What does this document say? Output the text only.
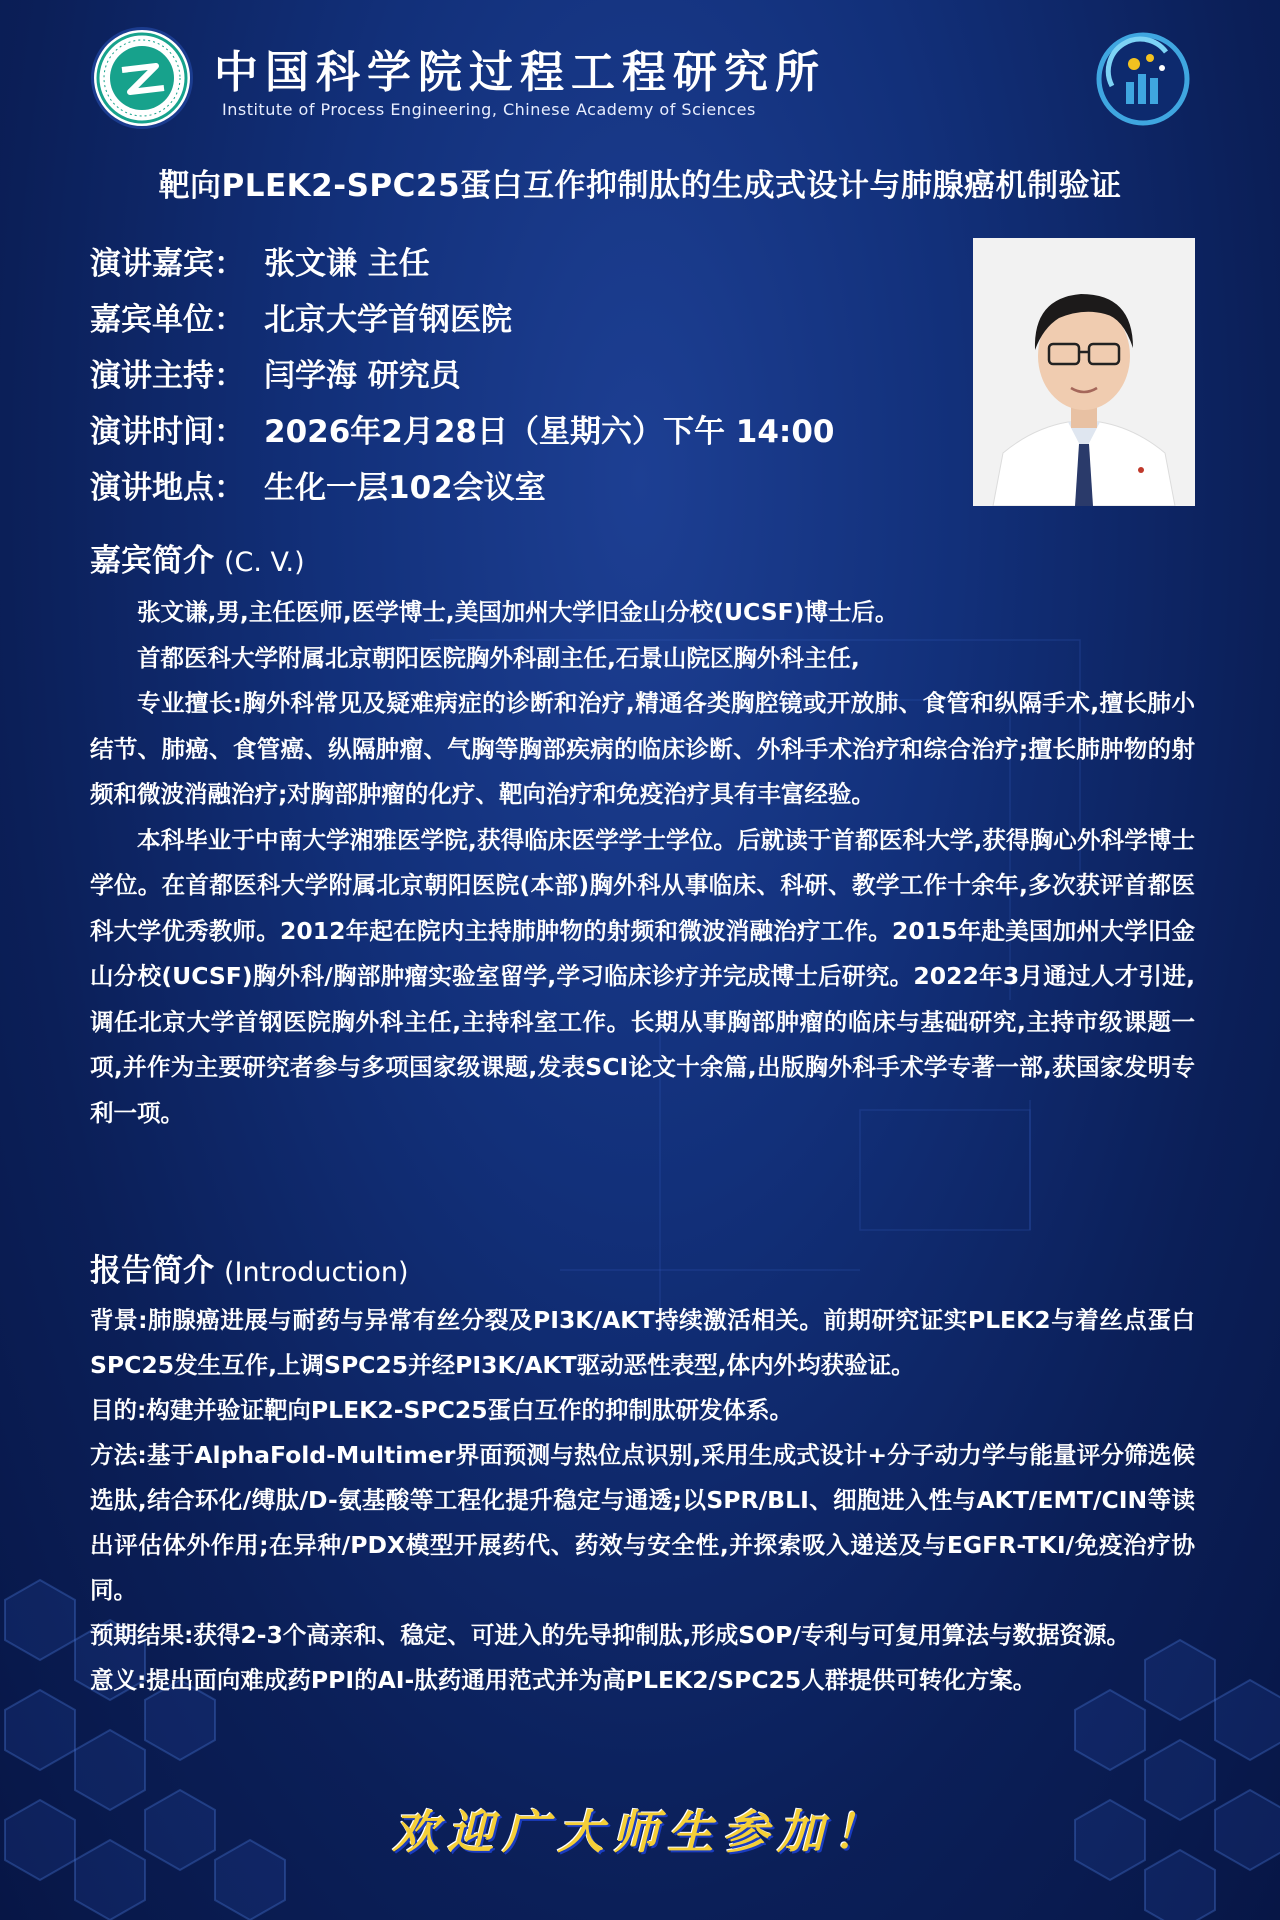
中国科学院过程工程研究所
Institute of Process Engineering, Chinese Academy of Sciences
靶向PLEK2-SPC25蛋白互作抑制肽的生成式设计与肺腺癌机制验证
演讲嘉宾： 张文谦 主任
嘉宾单位： 北京大学首钢医院
演讲主持： 闫学海 研究员
演讲时间： 2026年2月28日（星期六）下午 14:00
演讲地点： 生化一层102会议室
嘉宾简介 (C. V.)

张文谦,男,主任医师,医学博士,美国加州大学旧金山分校(UCSF)博士后。

首都医科大学附属北京朝阳医院胸外科副主任,石景山院区胸外科主任,

专业擅长:胸外科常见及疑难病症的诊断和治疗,精通各类胸腔镜或开放肺、食管和纵隔手术,擅长肺小结节、肺癌、食管癌、纵隔肿瘤、气胸等胸部疾病的临床诊断、外科手术治疗和综合治疗;擅长肺肿物的射频和微波消融治疗;对胸部肿瘤的化疗、靶向治疗和免疫治疗具有丰富经验。

本科毕业于中南大学湘雅医学院,获得临床医学学士学位。后就读于首都医科大学,获得胸心外科学博士学位。在首都医科大学附属北京朝阳医院(本部)胸外科从事临床、科研、教学工作十余年,多次获评首都医科大学优秀教师。2012年起在院内主持肺肿物的射频和微波消融治疗工作。2015年赴美国加州大学旧金山分校(UCSF)胸外科/胸部肿瘤实验室留学,学习临床诊疗并完成博士后研究。2022年3月通过人才引进,调任北京大学首钢医院胸外科主任,主持科室工作。长期从事胸部肿瘤的临床与基础研究,主持市级课题一项,并作为主要研究者参与多项国家级课题,发表SCI论文十余篇,出版胸外科手术学专著一部,获国家发明专利一项。

报告简介 (Introduction)

背景:肺腺癌进展与耐药与异常有丝分裂及PI3K/AKT持续激活相关。前期研究证实PLEK2与着丝点蛋白SPC25发生互作,上调SPC25并经PI3K/AKT驱动恶性表型,体内外均获验证。

目的:构建并验证靶向PLEK2-SPC25蛋白互作的抑制肽研发体系。

方法:基于AlphaFold-Multimer界面预测与热位点识别,采用生成式设计+分子动力学与能量评分筛选候选肽,结合环化/缚肽/D-氨基酸等工程化提升稳定与通透;以SPR/BLI、细胞进入性与AKT/EMT/CIN等读出评估体外作用;在异种/PDX模型开展药代、药效与安全性,并探索吸入递送及与EGFR-TKI/免疫治疗协同。

预期结果:获得2-3个高亲和、稳定、可进入的先导抑制肽,形成SOP/专利与可复用算法与数据资源。

意义:提出面向难成药PPI的AI-肽药通用范式并为高PLEK2/SPC25人群提供可转化方案。

欢迎广大师生参加！
